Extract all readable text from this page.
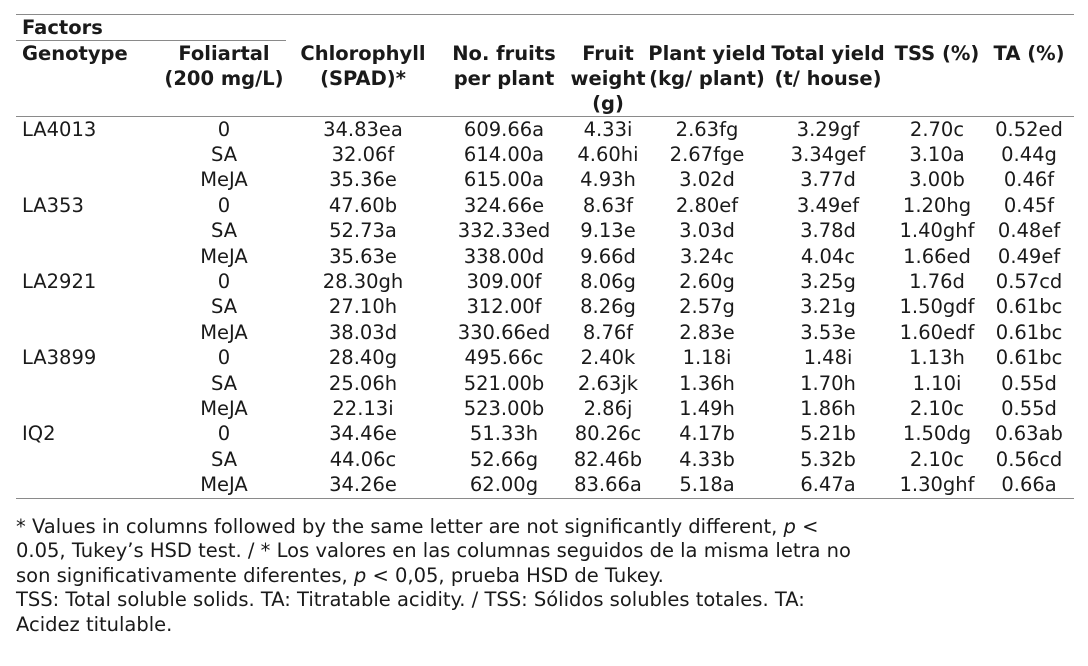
Factors								
Genotype	Foliartal (200 mg/L)	Chlorophyll (SPAD)*	No. fruits per plant	Fruit weight (g)	Plant yield (kg/ plant)	Total yield (t/ house)	TSS (%)	TA (%)
LA4013	0	34.83ea	609.66a	4.33i	2.63fg	3.29gf	2.70c	0.52ed
	SA	32.06f	614.00a	4.60hi	2.67fge	3.34gef	3.10a	0.44g
	MeJA	35.36e	615.00a	4.93h	3.02d	3.77d	3.00b	0.46f
LA353	0	47.60b	324.66e	8.63f	2.80ef	3.49ef	1.20hg	0.45f
	SA	52.73a	332.33ed	9.13e	3.03d	3.78d	1.40ghf	0.48ef
	MeJA	35.63e	338.00d	9.66d	3.24c	4.04c	1.66ed	0.49ef
LA2921	0	28.30gh	309.00f	8.06g	2.60g	3.25g	1.76d	0.57cd
	SA	27.10h	312.00f	8.26g	2.57g	3.21g	1.50gdf	0.61bc
	MeJA	38.03d	330.66ed	8.76f	2.83e	3.53e	1.60edf	0.61bc
LA3899	0	28.40g	495.66c	2.40k	1.18i	1.48i	1.13h	0.61bc
	SA	25.06h	521.00b	2.63jk	1.36h	1.70h	1.10i	0.55d
	MeJA	22.13i	523.00b	2.86j	1.49h	1.86h	2.10c	0.55d
IQ2	0	34.46e	51.33h	80.26c	4.17b	5.21b	1.50dg	0.63ab
	SA	44.06c	52.66g	82.46b	4.33b	5.32b	2.10c	0.56cd
	MeJA	34.26e	62.00g	83.66a	5.18a	6.47a	1.30ghf	0.66a

* Values in columns followed by the same letter are not significantly different, p < 0.05, Tukey’s HSD test. / * Los valores en las columnas seguidos de la misma letra no son significativamente diferentes, p < 0,05, prueba HSD de Tukey.

TSS: Total soluble solids. TA: Titratable acidity. / TSS: Sólidos solubles totales. TA: Acidez titulable.
